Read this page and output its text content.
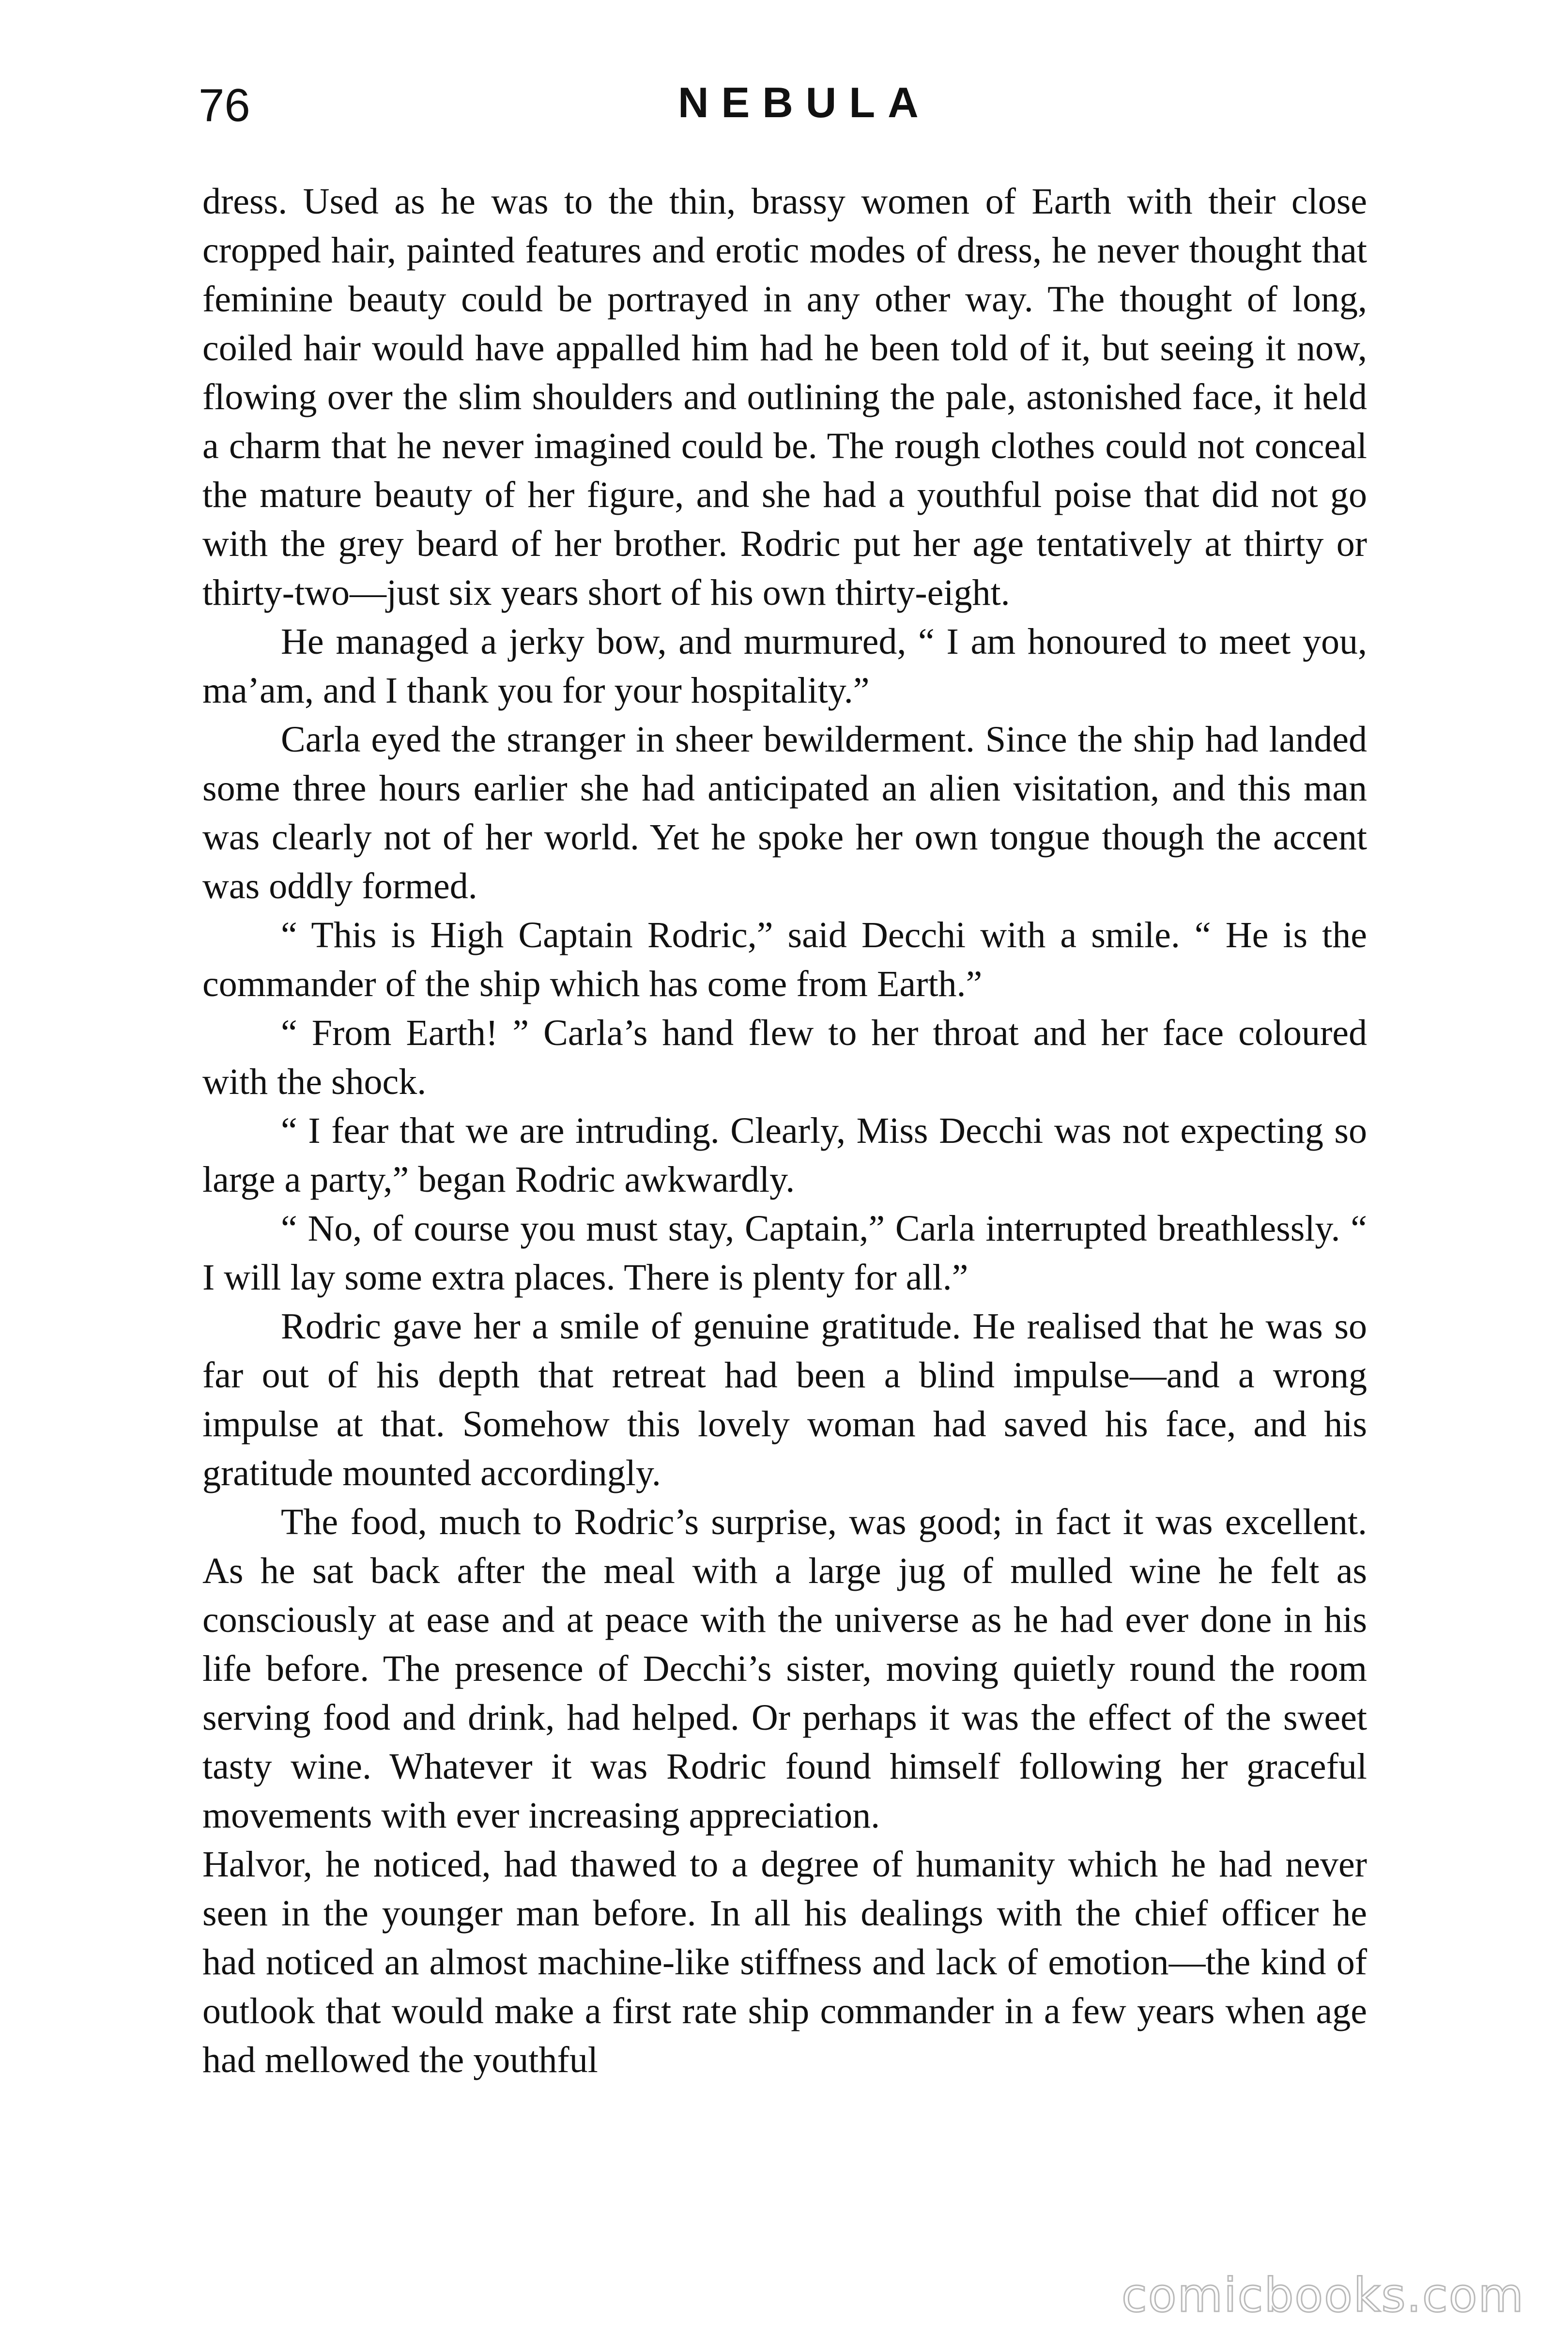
76	NEBULA

dress. Used as he was to the thin, brassy women of Earth with their close cropped hair, painted features and erotic modes of dress, he never thought that feminine beauty could be portrayed in any other way. The thought of long, coiled hair would have appalled him had he been told of it, but seeing it now, flowing over the slim shoulders and outlining the pale, astonished face, it held a charm that he never imagined could be. The rough clothes could not conceal the mature beauty of her figure, and she had a youthful poise that did not go with the grey beard of her brother. Rodric put her age tentatively at thirty or thirty-two—just six years short of his own thirty-eight.

He managed a jerky bow, and murmured, “ I am honoured to meet you, ma’am, and I thank you for your hospitality.”

Carla eyed the stranger in sheer bewilderment. Since the ship had landed some three hours earlier she had anticipated an alien visitation, and this man was clearly not of her world. Yet he spoke her own tongue though the accent was oddly formed.

“ This is High Captain Rodric,” said Decchi with a smile. “ He is the commander of the ship which has come from Earth.”

“ From Earth! ” Carla’s hand flew to her throat and her face coloured with the shock.

“ I fear that we are intruding. Clearly, Miss Decchi was not expecting so large a party,” began Rodric awkwardly.

“ No, of course you must stay, Captain,” Carla interrupted breathlessly. “ I will lay some extra places. There is plenty for all.”

Rodric gave her a smile of genuine gratitude. He realised that he was so far out of his depth that retreat had been a blind impulse—and a wrong impulse at that. Somehow this lovely woman had saved his face, and his gratitude mounted accordingly.

The food, much to Rodric’s surprise, was good; in fact it was excellent. As he sat back after the meal with a large jug of mulled wine he felt as consciously at ease and at peace with the universe as he had ever done in his life before. The presence of Decchi’s sister, moving quietly round the room serving food and drink, had helped. Or perhaps it was the effect of the sweet tasty wine. Whatever it was Rodric found himself following her graceful movements with ever increasing appreciation.

Halvor, he noticed, had thawed to a degree of humanity which he had never seen in the younger man before. In all his dealings with the chief officer he had noticed an almost machine-like stiffness and lack of emotion—the kind of outlook that would make a first rate ship commander in a few years when age had mellowed the youthful

comicbooks.com
